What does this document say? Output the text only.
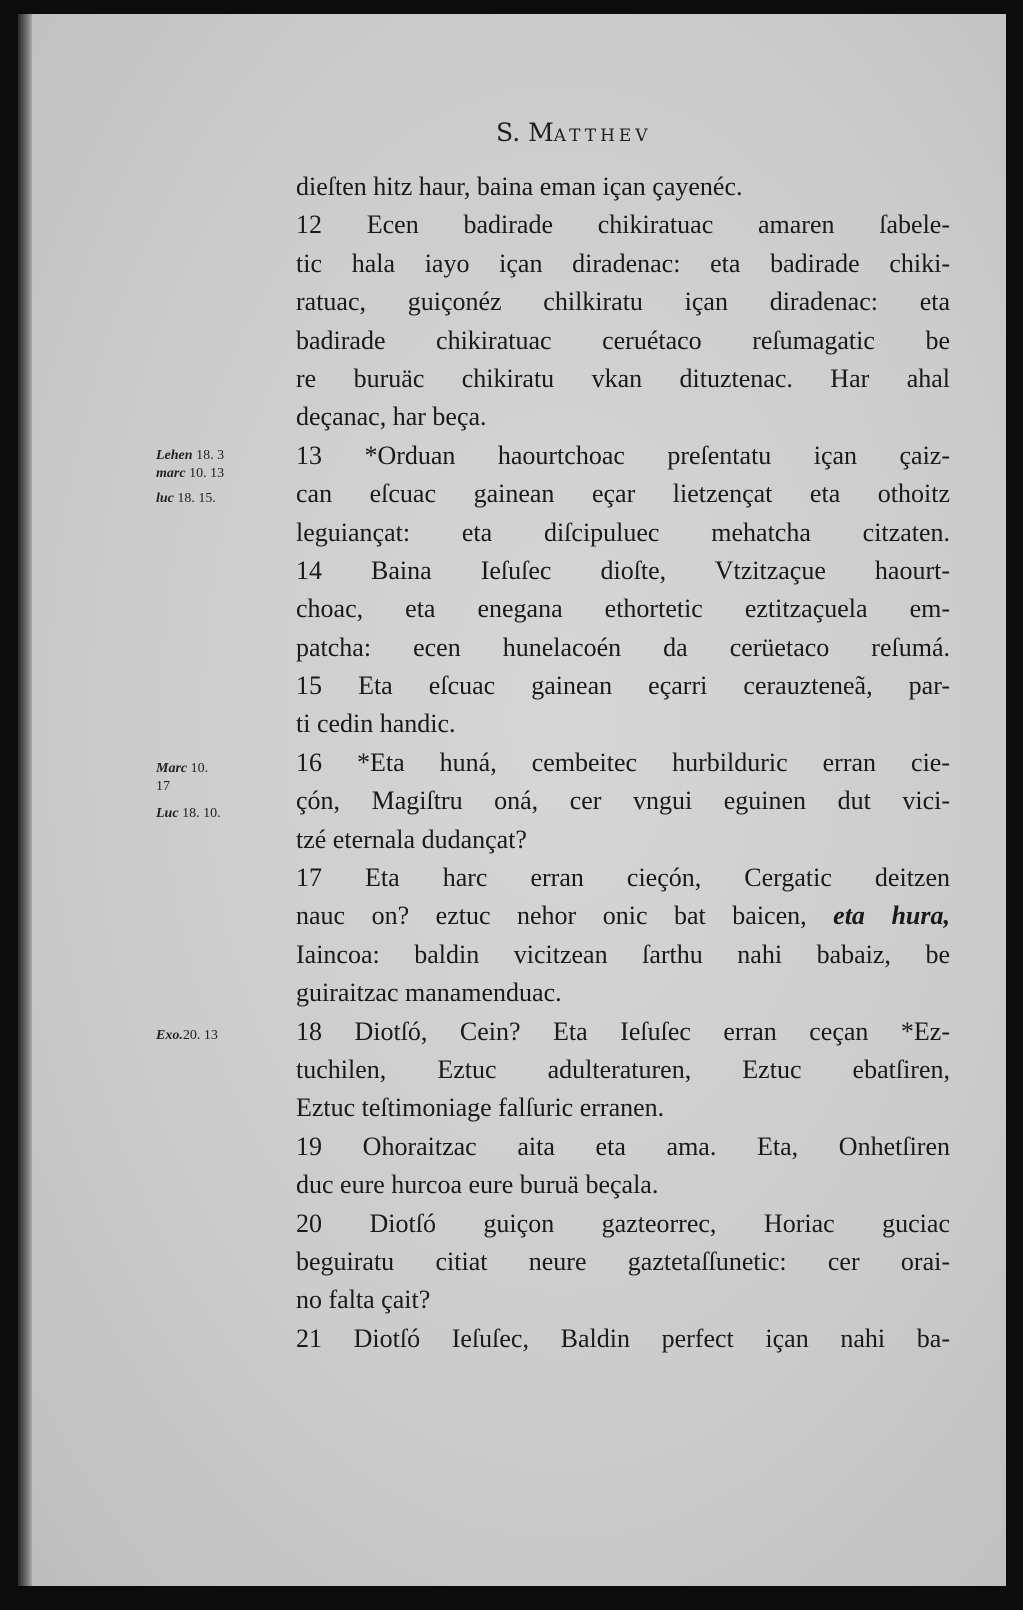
S. MATTHEV
dieſten hitz haur, baina eman içan çayenéc.
12 Ecen badirade chikiratuac amaren ſabele-
tic hala iayo içan diradenac: eta badirade chiki-
ratuac, guiçonéz chilkiratu içan diradenac: eta
badirade chikiratuac ceruétaco reſumagatic be
re buruäc chikiratu vkan dituztenac. Har ahal
deçanac, har beça.
13 *Orduan haourtchoac preſentatu içan çaiz-
can eſcuac gainean eçar lietzençat eta othoitz
leguiançat: eta diſcipuluec mehatcha citzaten.
14 Baina Ieſuſec dioſte, Vtzitzaçue haourt-
choac, eta enegana ethortetic eztitzaçuela em-
patcha: ecen hunelacoén da cerüetaco reſumá.
15 Eta eſcuac gainean eçarri cerauzteneã, par-
ti cedin handic.
16 *Eta huná, cembeitec hurbilduric erran cie-
çón, Magiſtru oná, cer vngui eguinen dut vici-
tzé eternala dudançat?
17 Eta harc erran cieçón, Cergatic deitzen
nauc on? eztuc nehor onic bat baicen, eta hura,
Iaincoa: baldin vicitzean ſarthu nahi babaiz, be
guiraitzac manamenduac.
18 Diotſó, Cein? Eta Ieſuſec erran ceçan *Ez-
tuchilen, Eztuc adulteraturen, Eztuc ebatſiren,
Eztuc teſtimoniage falſuric erranen.
19 Ohoraitzac aita eta ama. Eta, Onhetſiren
duc eure hurcoa eure buruä beçala.
20 Diotſó guiçon gazteorrec, Horiac guciac
beguiratu citiat neure gaztetaſſunetic: cer orai-
no falta çait?
21 Diotſó Ieſuſec, Baldin perfect içan nahi ba-
Lehen 18. 3
marc 10. 13
luc 18. 15.
Marc 10.
17
Luc 18. 10.
Exo.20. 13
